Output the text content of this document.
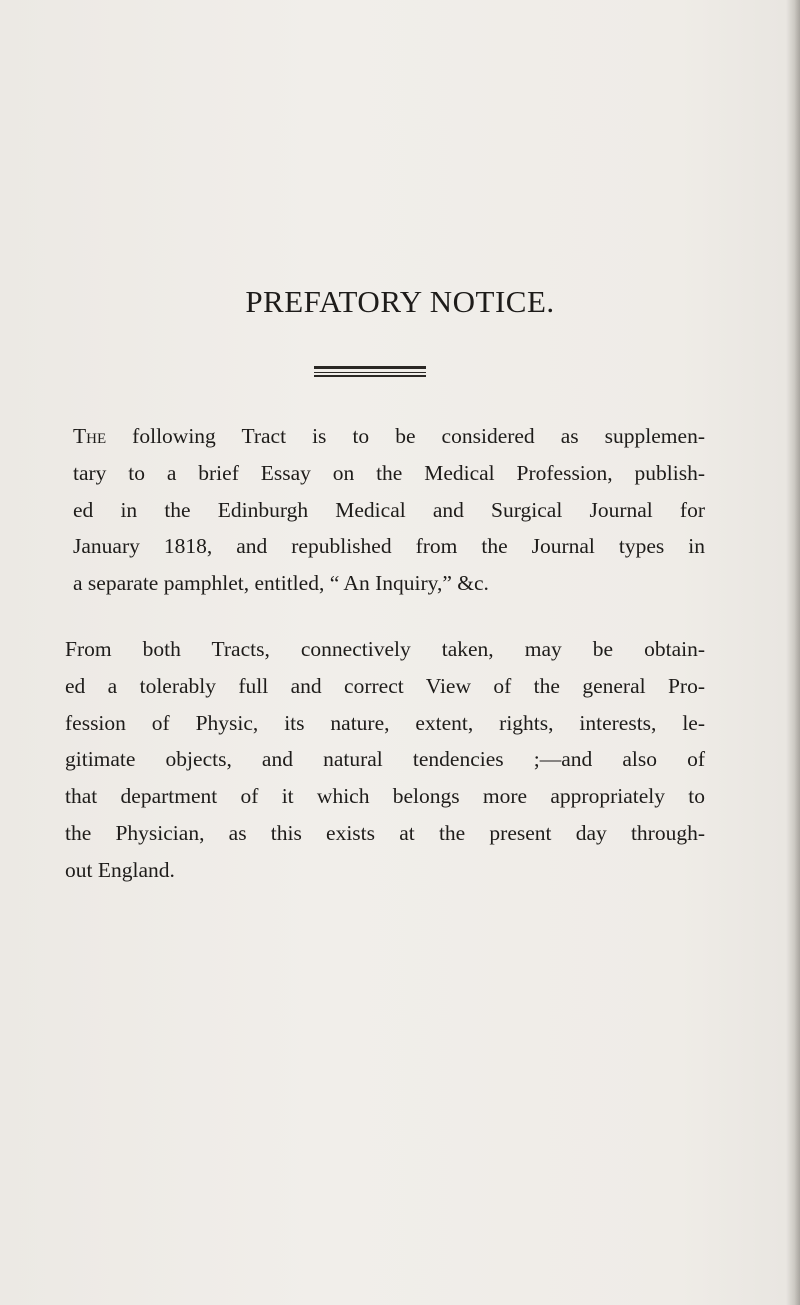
PREFATORY NOTICE.

The following Tract is to be considered as supplemen-
tary to a brief Essay on the Medical Profession, publish-
ed in the Edinburgh Medical and Surgical Journal for
January 1818, and republished from the Journal types in
a separate pamphlet, entitled, “ An Inquiry,” &c.

From both Tracts, connectively taken, may be obtain-
ed a tolerably full and correct View of the general Pro-
fession of Physic, its nature, extent, rights, interests, le-
gitimate objects, and natural tendencies ;—and also of
that department of it which belongs more appropriately to
the Physician, as this exists at the present day through-
out England.
